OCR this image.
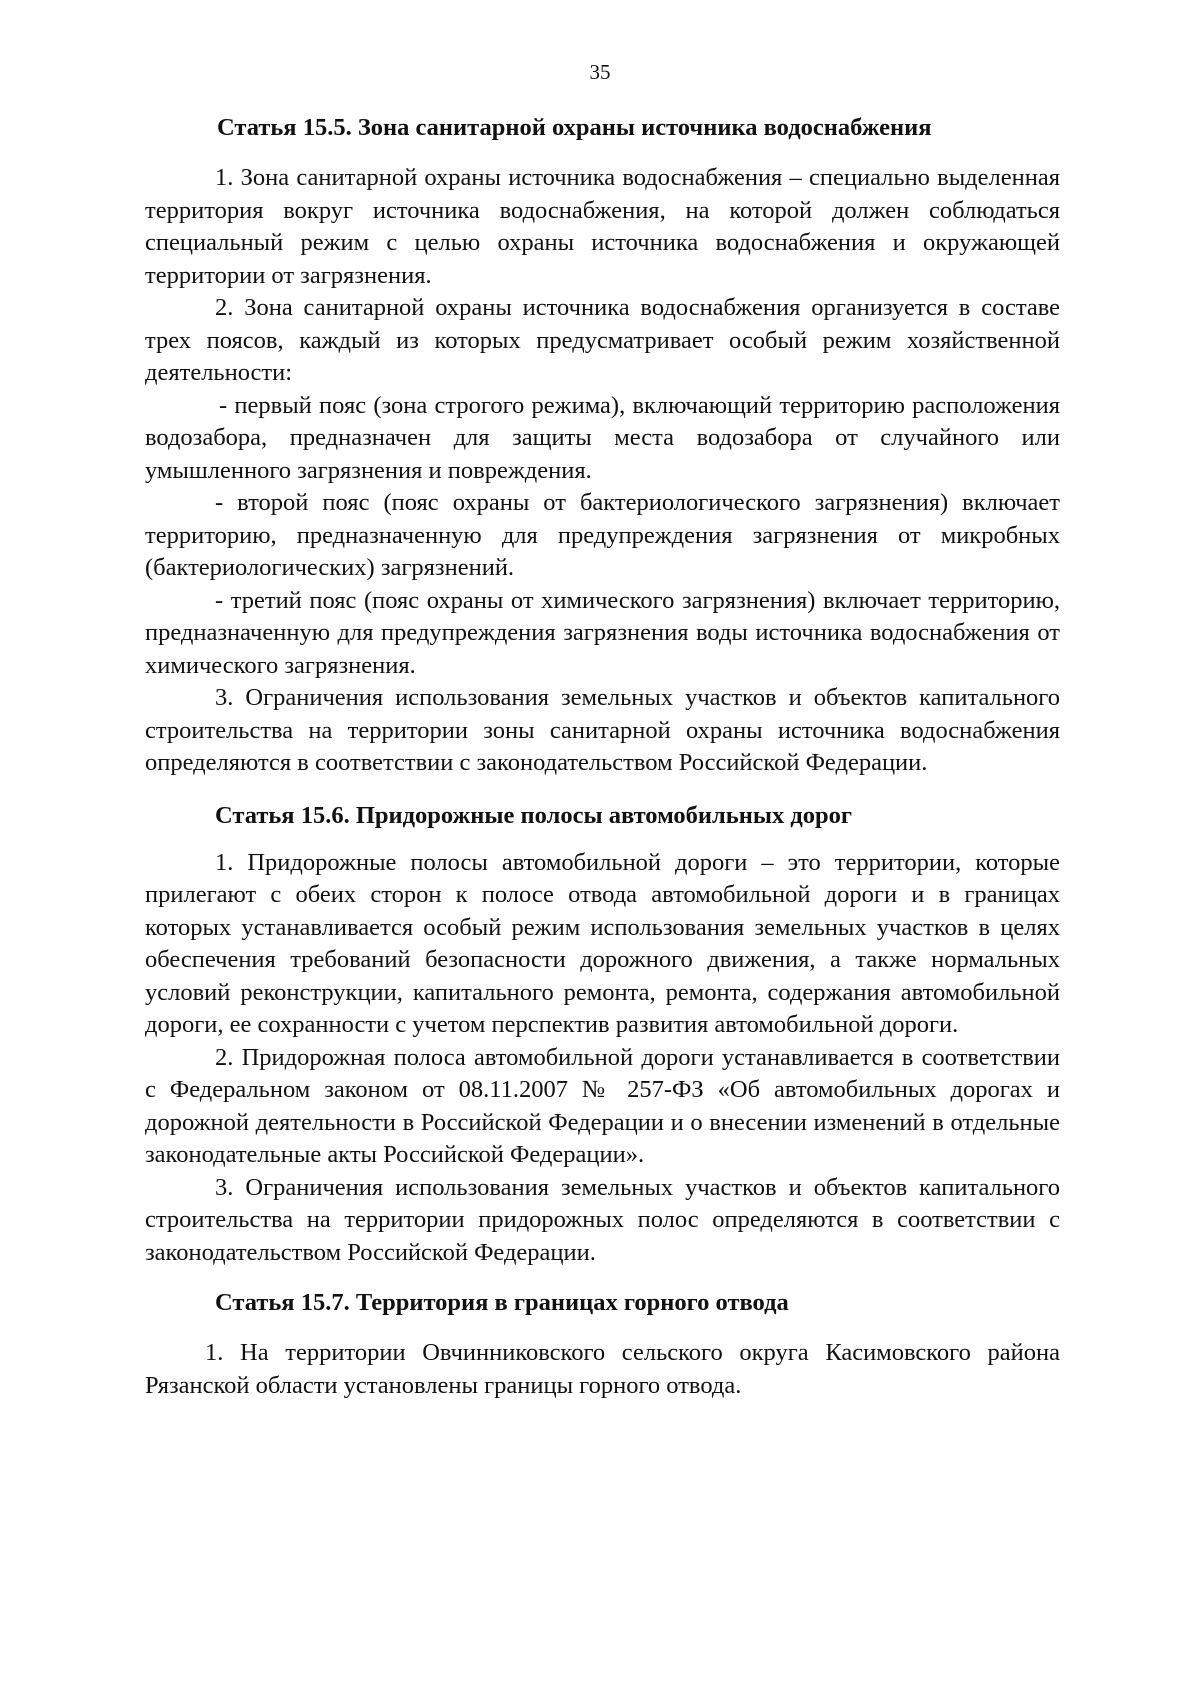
35

Статья 15.5. Зона санитарной охраны источника водоснабжения

1. Зона санитарной охраны источника водоснабжения – специально выделенная территория вокруг источника водоснабжения, на которой должен соблюдаться специальный режим с целью охраны источника водоснабжения и окружающей территории от загрязнения.

2. Зона санитарной охраны источника водоснабжения организуется в составе трех поясов, каждый из которых предусматривает особый режим хозяйственной деятельности:

- первый пояс (зона строгого режима), включающий территорию расположения водозабора, предназначен для защиты места водозабора от случайного или умышленного загрязнения и повреждения.

- второй пояс (пояс охраны от бактериологического загрязнения) включает территорию, предназначенную для предупреждения загрязнения от микробных (бактериологических) загрязнений.

- третий пояс (пояс охраны от химического загрязнения) включает территорию, предназначенную для предупреждения загрязнения воды источника водоснабжения от химического загрязнения.

3. Ограничения использования земельных участков и объектов капитального строительства на территории зоны санитарной охраны источника водоснабжения определяются в соответствии с законодательством Российской Федерации.

Статья 15.6. Придорожные полосы автомобильных дорог

1. Придорожные полосы автомобильной дороги – это территории, которые прилегают с обеих сторон к полосе отвода автомобильной дороги и в границах которых устанавливается особый режим использования земельных участков в целях обеспечения требований безопасности дорожного движения, а также нормальных условий реконструкции, капитального ремонта, ремонта, содержания автомобильной дороги, ее сохранности с учетом перспектив развития автомобильной дороги.

2. Придорожная полоса автомобильной дороги устанавливается в соответствии с Федеральном законом от 08.11.2007 № 257-ФЗ «Об автомобильных дорогах и дорожной деятельности в Российской Федерации и о внесении изменений в отдельные законодательные акты Российской Федерации».

3. Ограничения использования земельных участков и объектов капитального строительства на территории придорожных полос определяются в соответствии с законодательством Российской Федерации.

Статья 15.7. Территория в границах горного отвода

1. На территории Овчинниковского сельского округа Касимовского района Рязанской области установлены границы горного отвода.
